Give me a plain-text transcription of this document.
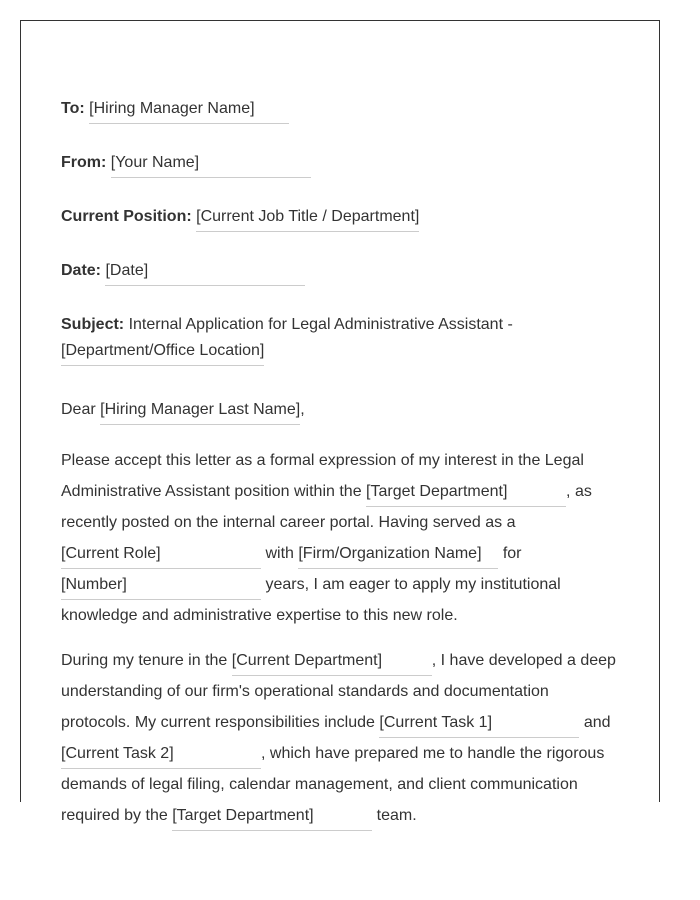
To: [Hiring Manager Name]
From: [Your Name]
Current Position: [Current Job Title / Department]
Date: [Date]
Subject: Internal Application for Legal Administrative Assistant -
[Department/Office Location]
Dear [Hiring Manager Last Name],

Please accept this letter as a formal expression of my interest in the Legal Administrative Assistant position within the [Target Department]	, as recently posted on the internal career portal. Having served as a [Current Role]	with [Firm/Organization Name] for [Number]	years, I am eager to apply my institutional knowledge and administrative expertise to this new role.

During my tenure in the [Current Department]	, I have developed a deep understanding of our firm's operational standards and documentation protocols. My current responsibilities include [Current Task 1]	and [Current Task 2]	, which have prepared me to handle the rigorous demands of legal filing, calendar management, and client communication required by the [Target Department]	team.
